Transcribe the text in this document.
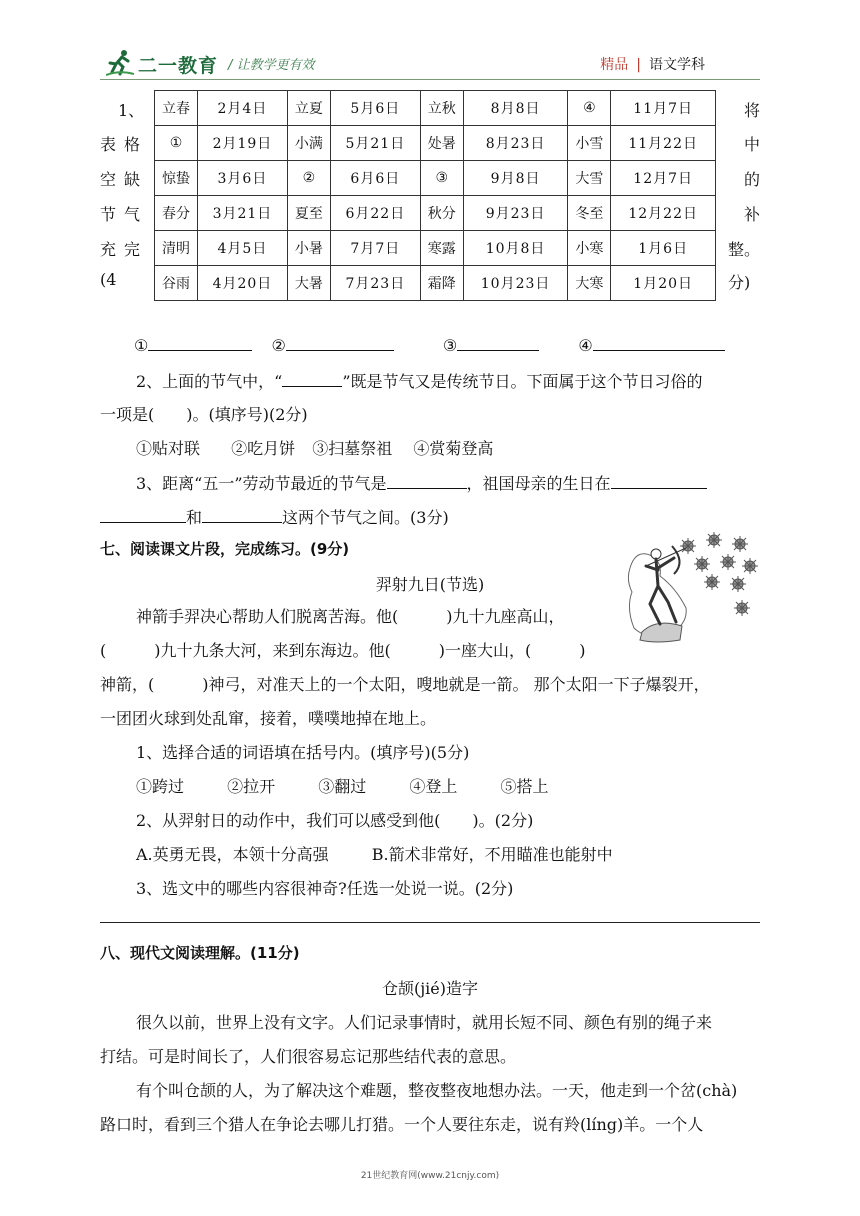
二一教育 / 让教学更有效	精品 | 语文学科
1、
表格
空缺
节气
充完
(4
将
中
的
补
整。
分)
立春	2月4日	立夏	5月6日	立秋	8月8日	④	11月7日
①	2月19日	小满	5月21日	处暑	8月23日	小雪	11月22日
惊蛰	3月6日	②	6月6日	③	9月8日	大雪	12月7日
春分	3月21日	夏至	6月22日	秋分	9月23日	冬至	12月22日
清明	4月5日	小暑	7月7日	寒露	10月8日	小寒	1月6日
谷雨	4月20日	大暑	7月23日	霜降	10月23日	大寒	1月20日
①	②	③	④
2、上面的节气中，“	”既是节气又是传统节日。下面属于这个节日习俗的
一项是(　　)。(填序号)(2分)
①贴对联 ②吃月饼 ③扫墓祭祖 ④赏菊登高
3、距离“五一”劳动节最近的节气是	，祖国母亲的生日在
和	这两个节气之间。(3分)
七、阅读课文片段，完成练习。(9分)
羿射九日(节选)
神箭手羿决心帮助人们脱离苦海。他(　　　)九十九座高山，
(　　　)九十九条大河，来到东海边。他(　　　)一座大山，(　　　)
神箭，(　　　)神弓，对准天上的一个太阳，嗖地就是一箭。 那个太阳一下子爆裂开，
一团团火球到处乱窜，接着，噗噗地掉在地上。
1、选择合适的词语填在括号内。(填序号)(5分)
①跨过	②拉开	③翻过	④登上	⑤搭上
2、从羿射日的动作中，我们可以感受到他(　　)。(2分)
A.英勇无畏，本领十分高强	B.箭术非常好，不用瞄准也能射中
3、选文中的哪些内容很神奇?任选一处说一说。(2分)
八、现代文阅读理解。(11分)
仓颉(jié)造字
很久以前，世界上没有文字。人们记录事情时，就用长短不同、颜色有别的绳子来
打结。可是时间长了，人们很容易忘记那些结代表的意思。
有个叫仓颉的人，为了解决这个难题，整夜整夜地想办法。一天，他走到一个岔(chà)
路口时，看到三个猎人在争论去哪儿打猎。一个人要往东走，说有羚(líng)羊。一个人
21世纪教育网(www.21cnjy.com)
